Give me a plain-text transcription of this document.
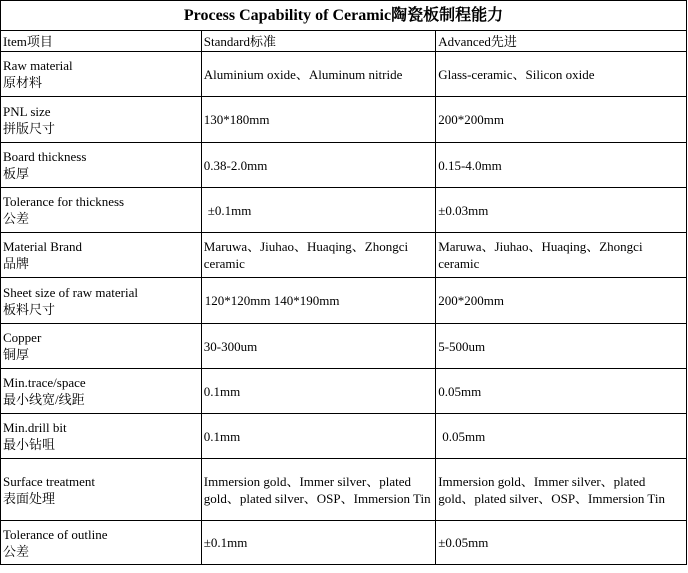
Process Capability of Ceramic陶瓷板制程能力		
Item项目	Standard标准	Advanced先进

Raw material
原材料	Aluminium oxide、Aluminum nitride	Glass-ceramic、Silicon oxide

PNL size
拼版尺寸	130*180mm	200*200mm

Board thickness
板厚	0.38-2.0mm	0.15-4.0mm

Tolerance for thickness
公差	±0.1mm	±0.03mm

Material Brand
品牌	Maruwa、Jiuhao、Huaqing、Zhongci ceramic	Maruwa、Jiuhao、Huaqing、Zhongci ceramic

Sheet size of raw material
板料尺寸	120*120mm 140*190mm	200*200mm

Copper
铜厚	30-300um	5-500um

Min.trace/space
最小线宽/线距	0.1mm	0.05mm

Min.drill bit
最小钻咀	0.1mm	0.05mm

Surface treatment
表面处理	Immersion gold、Immer silver、plated gold、plated silver、OSP、Immersion Tin	Immersion gold、Immer silver、plated gold、plated silver、OSP、Immersion Tin

Tolerance of outline
公差	±0.1mm	±0.05mm
